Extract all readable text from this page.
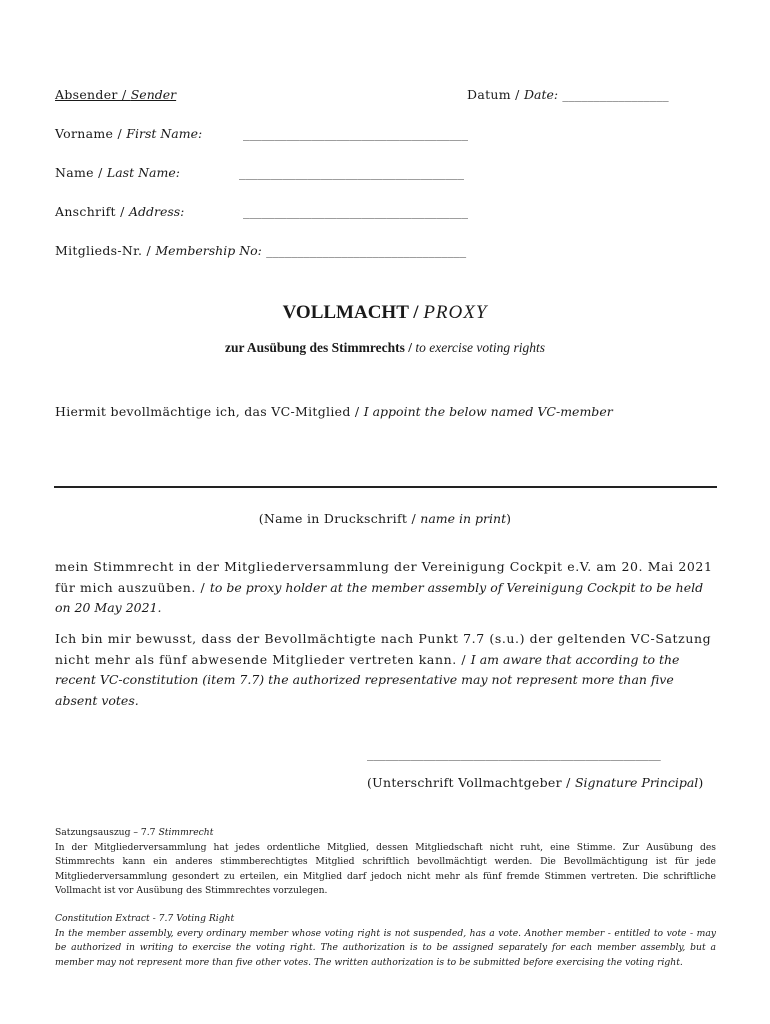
Absender / Sender	Datum / Date: _________________
Vorname / First Name:	____________________________________
Name / Last Name:	____________________________________
Anschrift / Address:	____________________________________
Mitglieds-Nr. / Membership No: ________________________________
VOLLMACHT / PROXY
zur Ausübung des Stimmrechts / to exercise voting rights
Hiermit bevollmächtige ich, das VC-Mitglied / I appoint the below named VC-member
(Name in Druckschrift / name in print)
mein Stimmrecht in der Mitgliederversammlung der Vereinigung Cockpit e.V. am 20. Mai 2021 für mich auszuüben. / to be proxy holder at the member assembly of Vereinigung Cockpit to be held on 20 May 2021.
Ich bin mir bewusst, dass der Bevollmächtigte nach Punkt 7.7 (s.u.) der geltenden VC-Satzung nicht mehr als fünf abwesende Mitglieder vertreten kann. / I am aware that according to the recent VC-constitution (item 7.7) the authorized representative may not represent more than five absent votes.
_______________________________________________
(Unterschrift Vollmachtgeber / Signature Principal)
Satzungsauszug – 7.7 Stimmrecht
In der Mitgliederversammlung hat jedes ordentliche Mitglied, dessen Mitgliedschaft nicht ruht, eine Stimme. Zur Ausübung des Stimmrechts kann ein anderes stimmberechtigtes Mitglied schriftlich bevollmächtigt werden. Die Bevollmächtigung ist für jede Mitgliederversammlung gesondert zu erteilen, ein Mitglied darf jedoch nicht mehr als fünf fremde Stimmen vertreten. Die schriftliche Vollmacht ist vor Ausübung des Stimmrechtes vorzulegen.
Constitution Extract - 7.7 Voting Right
In the member assembly, every ordinary member whose voting right is not suspended, has a vote. Another member - entitled to vote - may be authorized in writing to exercise the voting right. The authorization is to be assigned separately for each member assembly, but a member may not represent more than five other votes. The written authorization is to be submitted before exercising the voting right.
